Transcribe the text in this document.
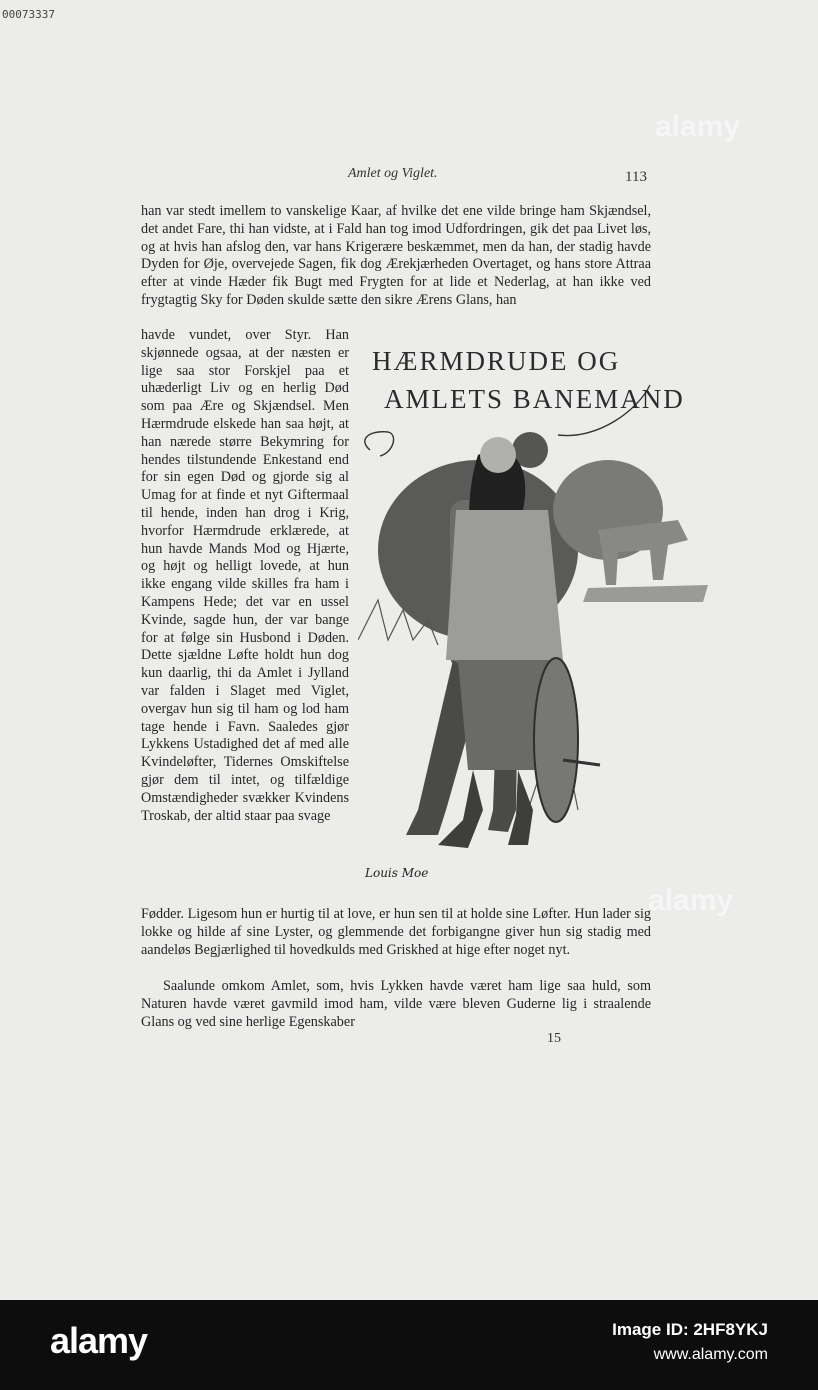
00073337
Amlet og Viglet.	113
han var stedt imellem to vanskelige Kaar, af hvilke det ene vilde bringe ham Skjændsel, det andet Fare, thi han vidste, at i Fald han tog imod Udfordringen, gik det paa Livet løs, og at hvis han afslog den, var hans Krigerære beskæmmet, men da han, der stadig havde Dyden for Øje, overvejede Sagen, fik dog Ærekjærheden Overtaget, og hans store Attraa efter at vinde Hæder fik Bugt med Frygten for at lide et Nederlag, at han ikke ved frygtagtig Sky for Døden skulde sætte den sikre Ærens Glans, han
havde vundet, over Styr. Han skjønnede ogsaa, at der næsten er lige saa stor Forskjel paa et uhæderligt Liv og en herlig Død som paa Ære og Skjændsel. Men Hærmdrude elskede han saa højt, at han nærede større Bekymring for hendes tilstundende Enkestand end for sin egen Død og gjorde sig al Umag for at finde et nyt Giftermaal til hende, inden han drog i Krig, hvorfor Hærmdrude erklærede, at hun havde Mands Mod og Hjærte, og højt og helligt lovede, at hun ikke engang vilde skilles fra ham i Kampens Hede; det var en ussel Kvinde, sagde hun, der var bange for at følge sin Husbond i Døden. Dette sjældne Løfte holdt hun dog kun daarlig, thi da Amlet i Jylland var falden i Slaget med Viglet, overgav hun sig til ham og lod ham tage hende i Favn. Saaledes gjør Lykkens Ustadighed det af med alle Kvindeløfter, Tidernes Omskiftelse gjør dem til intet, og tilfældige Omstændigheder svækker Kvindens Troskab, der altid staar paa svage
HÆRMDRUDE OG
AMLETS BANEMAND
Louis Moe
Fødder. Ligesom hun er hurtig til at love, er hun sen til at holde sine Løfter. Hun lader sig lokke og hilde af sine Lyster, og glemmende det forbigangne giver hun sig stadig med aandeløs Begjærlighed til hovedkulds med Griskhed at hige efter noget nyt.
Saalunde omkom Amlet, som, hvis Lykken havde været ham lige saa huld, som Naturen havde været gavmild imod ham, vilde være bleven Guderne lig i straalende Glans og ved sine herlige Egenskaber
15
alamy
alamy
alamy	Image ID: 2HF8YKJ
www.alamy.com
